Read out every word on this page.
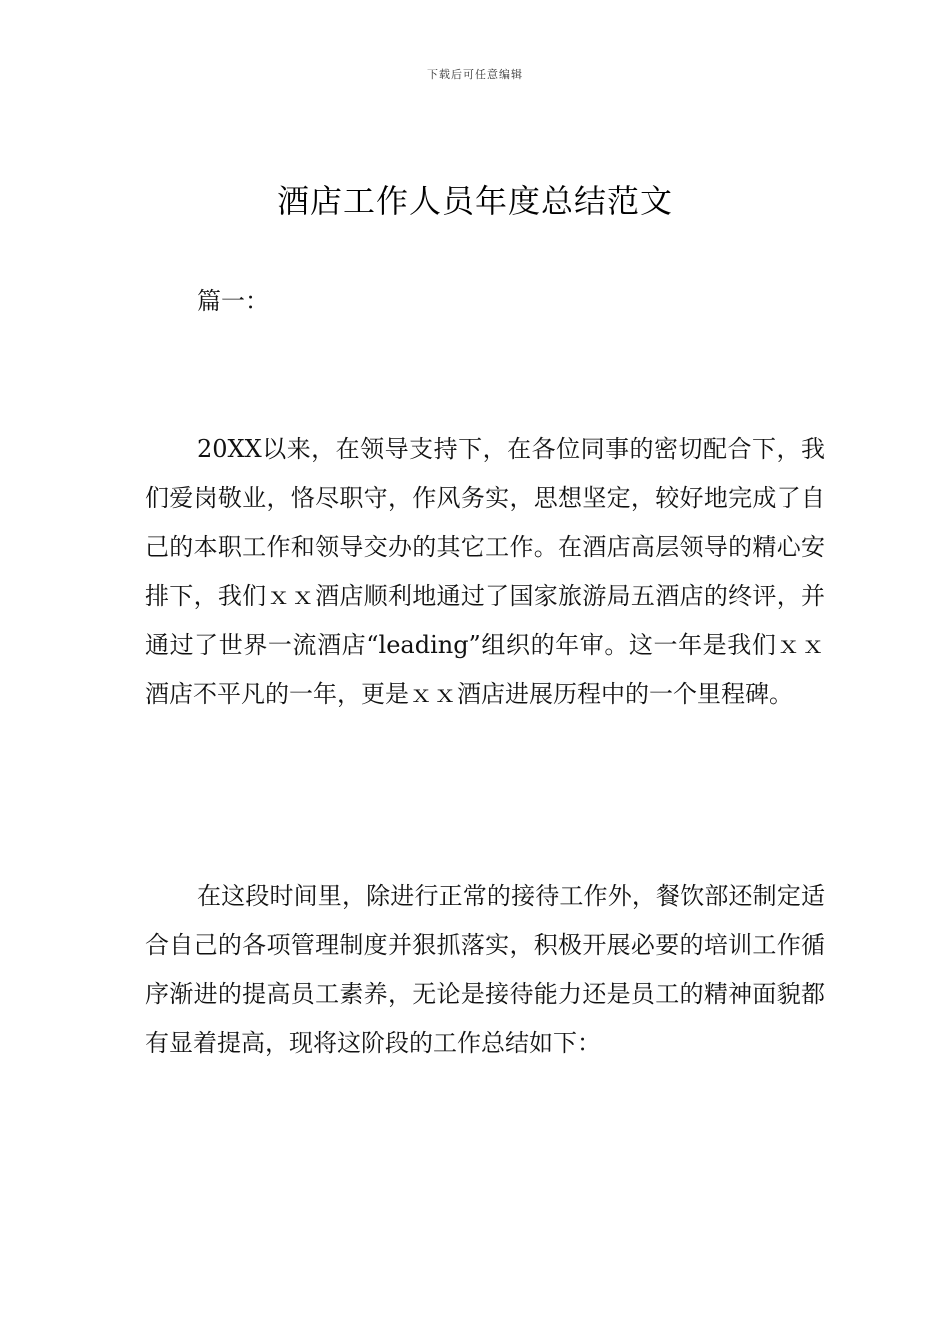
下载后可任意编辑
酒店工作人员年度总结范文
篇一：

20XX以来，在领导支持下，在各位同事的密切配合下，我们爱岗敬业，恪尽职守，作风务实，思想坚定，较好地完成了自己的本职工作和领导交办的其它工作。在酒店高层领导的精心安排下，我们ｘｘ酒店顺利地通过了国家旅游局五酒店的终评，并通过了世界一流酒店“leading”组织的年审。这一年是我们ｘｘ酒店不平凡的一年，更是ｘｘ酒店进展历程中的一个里程碑。

在这段时间里，除进行正常的接待工作外，餐饮部还制定适合自己的各项管理制度并狠抓落实，积极开展必要的培训工作循序渐进的提高员工素养，无论是接待能力还是员工的精神面貌都有显着提高，现将这阶段的工作总结如下：
